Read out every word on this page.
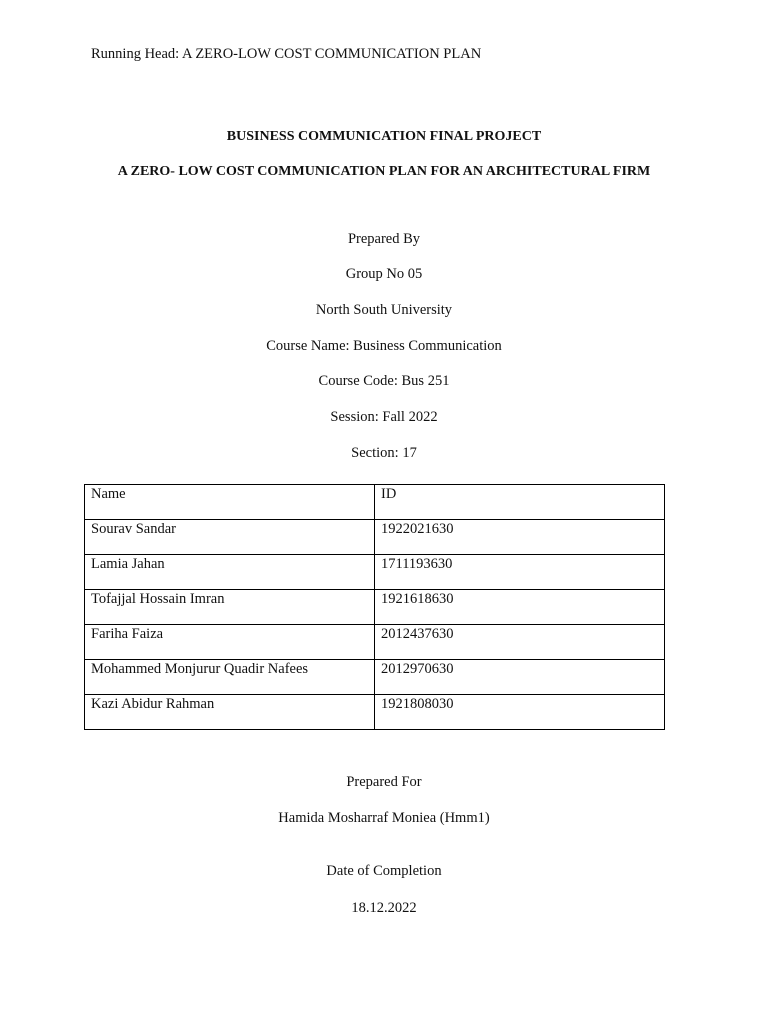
Running Head: A ZERO-LOW COST COMMUNICATION PLAN
BUSINESS COMMUNICATION FINAL PROJECT
A ZERO- LOW COST COMMUNICATION PLAN FOR AN ARCHITECTURAL FIRM
Prepared By
Group No 05
North South University
Course Name: Business Communication
Course Code: Bus 251
Session: Fall 2022
Section: 17
Name	ID
Sourav Sandar	1922021630
Lamia Jahan	1711193630
Tofajjal Hossain Imran	1921618630
Fariha Faiza	2012437630
Mohammed Monjurur Quadir Nafees	2012970630
Kazi Abidur Rahman	1921808030
Prepared For
Hamida Mosharraf Moniea (Hmm1)
Date of Completion
18.12.2022
